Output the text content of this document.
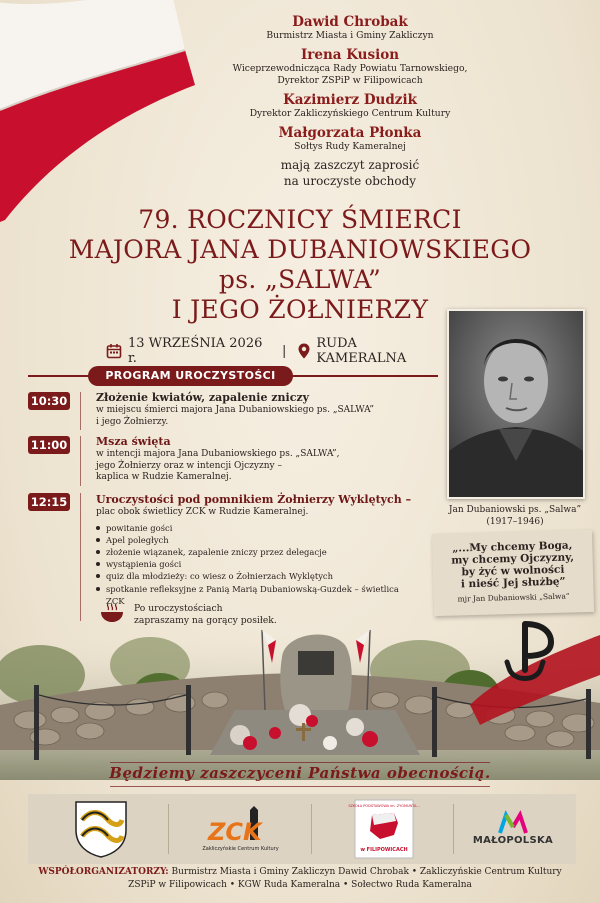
Dawid Chrobak
Burmistrz Miasta i Gminy Zakliczyn
Irena Kusion
Wiceprzewodnicząca Rady Powiatu Tarnowskiego,
Dyrektor ZSPiP w Filipowicach
Kazimierz Dudzik
Dyrektor Zakliczyńskiego Centrum Kultury
Małgorzata Płonka
Sołtys Rudy Kameralnej
mają zaszczyt zaprosić
na uroczyste obchody
79. ROCZNICY ŚMIERCI
MAJORA JANA DUBANIOWSKIEGO
ps. „SALWA”
I JEGO ŻOŁNIERZY
13 WRZEŚNIA 2026 r.	| RUDA KAMERALNA
PROGRAM UROCZYSTOŚCI
10:30	Złożenie kwiatów, zapalenie zniczy
w miejscu śmierci majora Jana Dubaniowskiego ps. „SALWA”
i jego Żołnierzy.
11:00	Msza święta
w intencji majora Jana Dubaniowskiego ps. „SALWA”,
jego Żołnierzy oraz w intencji Ojczyzny –
kaplica w Rudzie Kameralnej.
12:15	Uroczystości pod pomnikiem Żołnierzy Wyklętych –
plac obok świetlicy ZCK w Rudzie Kameralnej.
powitanie gości
Apel poległych
złożenie wiązanek, zapalenie zniczy przez delegacje
wystąpienia gości
quiz dla młodzieży: co wiesz o Żołnierzach Wyklętych
spotkanie refleksyjne z Panią Marią Dubaniowską-Guzdek – świetlica ZCK
Po uroczystościach
zapraszamy na gorący posiłek.
Jan Dubaniowski ps. „Salwa”
(1917–1946)
„...My chcemy Boga,
my chcemy Ojczyzny,
by żyć w wolności
i nieść Jej służbę”
mjr Jan Dubaniowski „Salwa”
Będziemy zaszczyceni Państwa obecnością.
ZCK
Zakliczyńskie Centrum Kultury
SZKOŁA PODSTAWOWA im. ZYGMUNTA...
w FILIPOWICACH
MAŁOPOLSKA
WSPÓŁORGANIZATORZY: Burmistrz Miasta i Gminy Zakliczyn Dawid Chrobak • Zakliczyńskie Centrum Kultury
ZSPiP w Filipowicach • KGW Ruda Kameralna • Sołectwo Ruda Kameralna
